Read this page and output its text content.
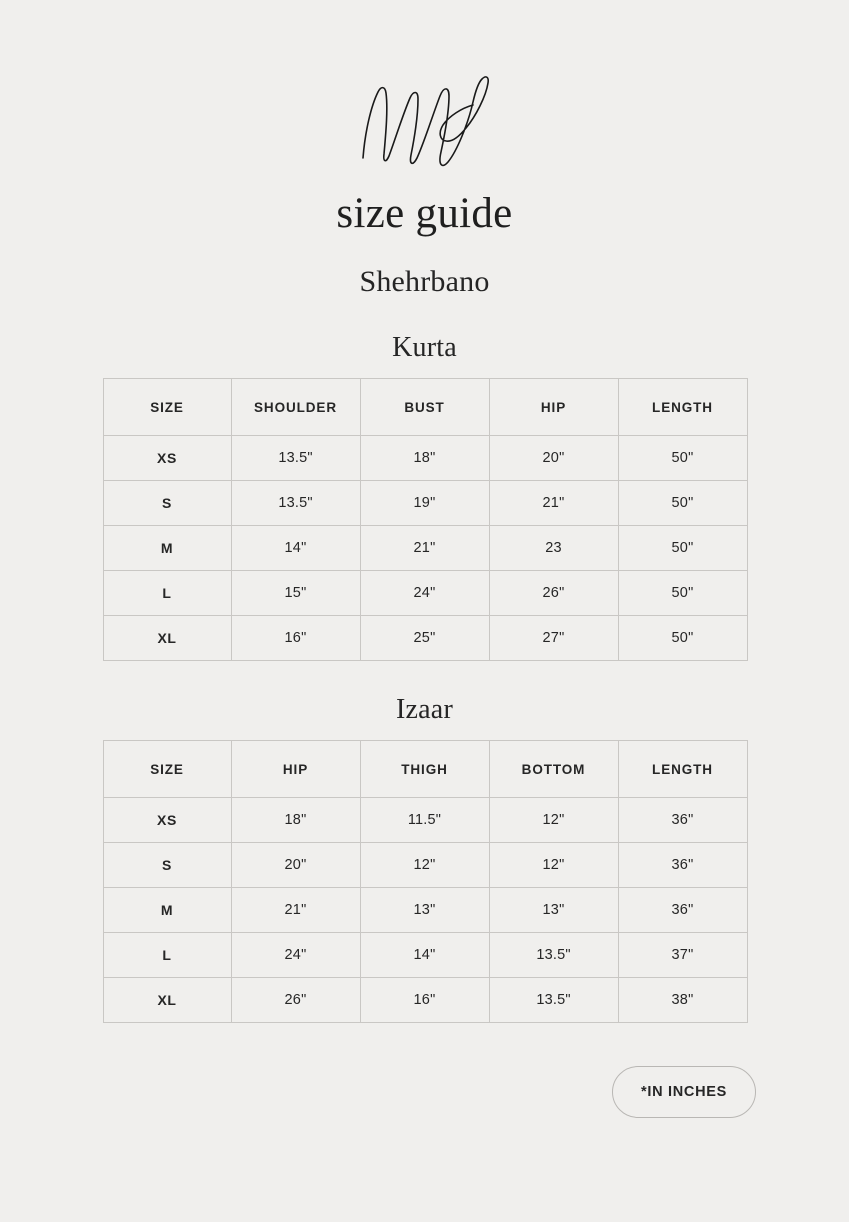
size guide
Shehrbano
Kurta
SIZE	SHOULDER	BUST	HIP	LENGTH
XS	13.5"	18"	20"	50"
S	13.5"	19"	21"	50"
M	14"	21"	23	50"
L	15"	24"	26"	50"
XL	16"	25"	27"	50"
Izaar
SIZE	HIP	THIGH	BOTTOM	LENGTH
XS	18"	11.5"	12"	36"
S	20"	12"	12"	36"
M	21"	13"	13"	36"
L	24"	14"	13.5"	37"
XL	26"	16"	13.5"	38"
*IN INCHES
